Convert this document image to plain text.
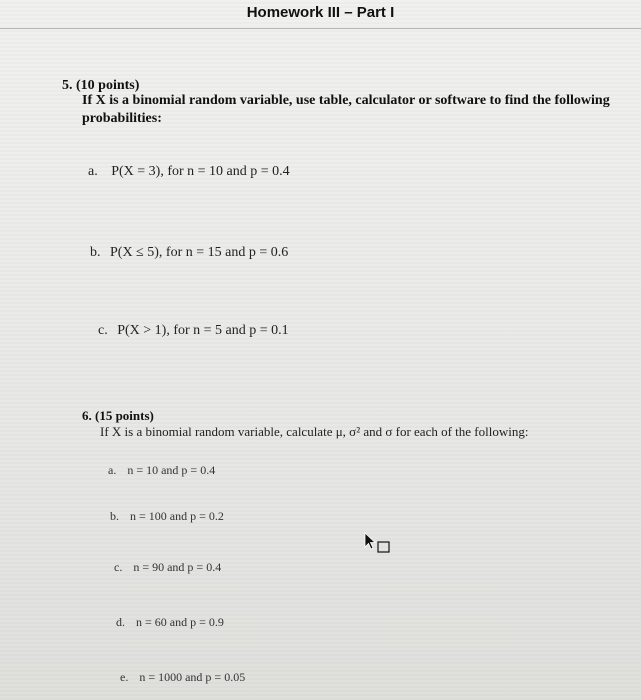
Homework III – Part I
5. (10 points)
If X is a binomial random variable, use table, calculator or software to find the following
probabilities:
a. P(X = 3), for n = 10 and p = 0.4
b. P(X ≤ 5), for n = 15 and p = 0.6
c. P(X > 1), for n = 5 and p = 0.1
6. (15 points)
If X is a binomial random variable, calculate μ, σ² and σ for each of the following:
a. n = 10 and p = 0.4
b. n = 100 and p = 0.2
c. n = 90 and p = 0.4
d. n = 60 and p = 0.9
e. n = 1000 and p = 0.05
